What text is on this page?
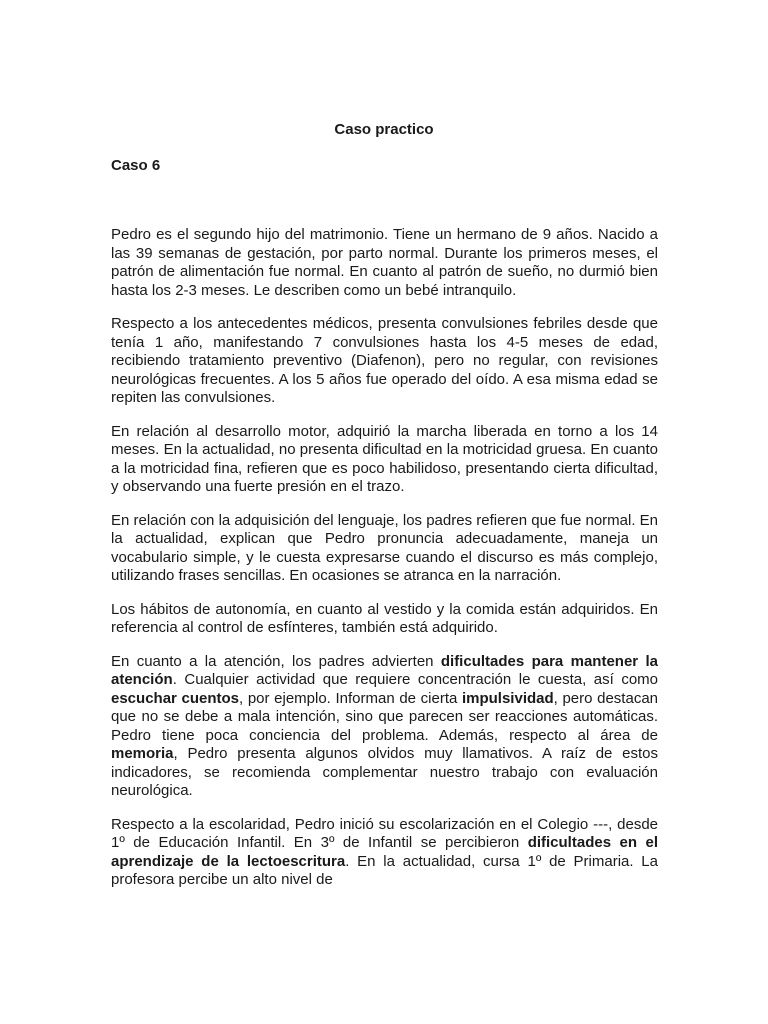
Caso practico
Caso 6

Pedro es el segundo hijo del matrimonio. Tiene un hermano de 9 años. Nacido a las 39 semanas de gestación, por parto normal. Durante los primeros meses, el patrón de alimentación fue normal. En cuanto al patrón de sueño, no durmió bien hasta los 2-3 meses. Le describen como un bebé intranquilo.

Respecto a los antecedentes médicos, presenta convulsiones febriles desde que tenía 1 año, manifestando 7 convulsiones hasta los 4-5 meses de edad, recibiendo tratamiento preventivo (Diafenon), pero no regular, con revisiones neurológicas frecuentes. A los 5 años fue operado del oído. A esa misma edad se repiten las convulsiones.

En relación al desarrollo motor, adquirió la marcha liberada en torno a los 14 meses. En la actualidad, no presenta dificultad en la motricidad gruesa. En cuanto a la motricidad fina, refieren que es poco habilidoso, presentando cierta dificultad, y observando una fuerte presión en el trazo.

En relación con la adquisición del lenguaje, los padres refieren que fue normal. En la actualidad, explican que Pedro pronuncia adecuadamente, maneja un vocabulario simple, y le cuesta expresarse cuando el discurso es más complejo, utilizando frases sencillas. En ocasiones se atranca en la narración.

Los hábitos de autonomía, en cuanto al vestido y la comida están adquiridos. En referencia al control de esfínteres, también está adquirido.

En cuanto a la atención, los padres advierten dificultades para mantener la atención. Cualquier actividad que requiere concentración le cuesta, así como escuchar cuentos, por ejemplo. Informan de cierta impulsividad, pero destacan que no se debe a mala intención, sino que parecen ser reacciones automáticas. Pedro tiene poca conciencia del problema. Además, respecto al área de memoria, Pedro presenta algunos olvidos muy llamativos. A raíz de estos indicadores, se recomienda complementar nuestro trabajo con evaluación neurológica.

Respecto a la escolaridad, Pedro inició su escolarización en el Colegio ---, desde 1º de Educación Infantil. En 3º de Infantil se percibieron dificultades en el aprendizaje de la lectoescritura. En la actualidad, cursa 1º de Primaria. La profesora percibe un alto nivel de
